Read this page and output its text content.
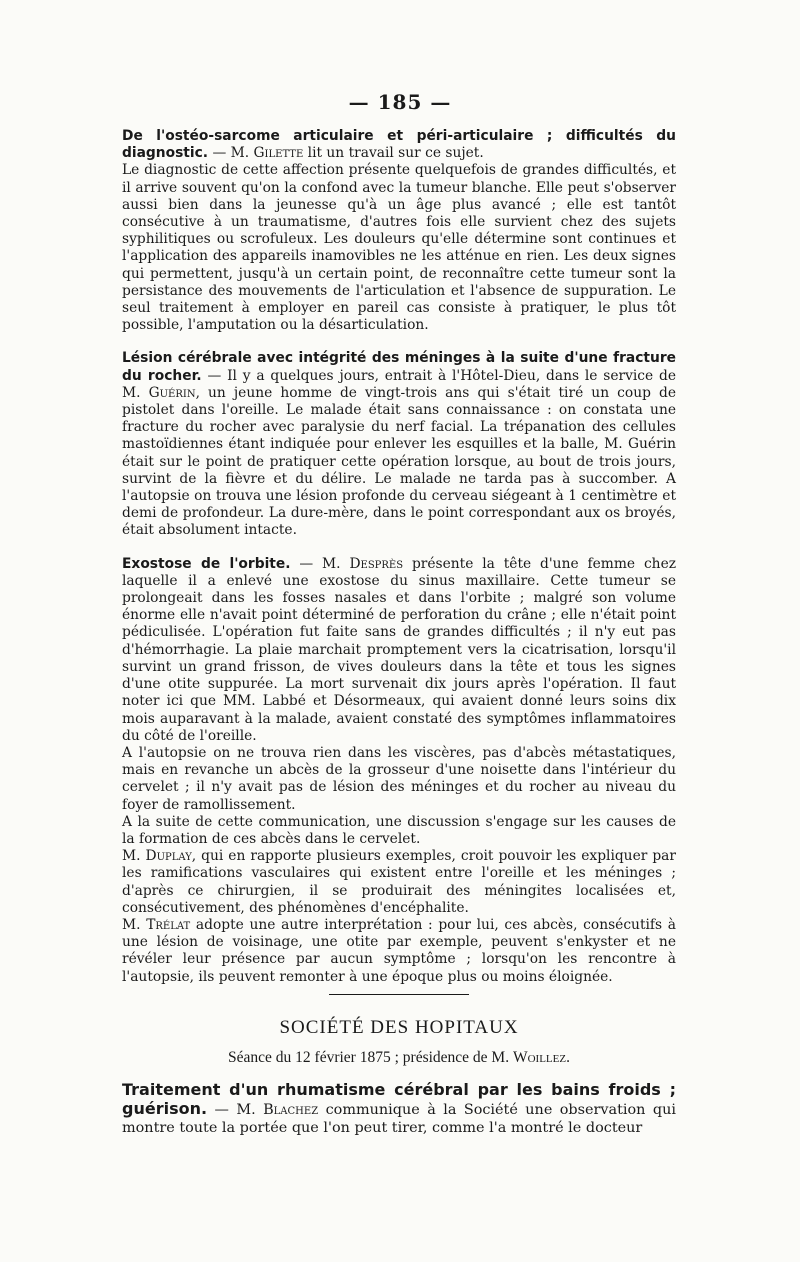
— 185 —

De l'ostéo-sarcome articulaire et péri-articulaire ; difficultés du diagnostic. — M. Gilette lit un travail sur ce sujet.

Le diagnostic de cette affection présente quelquefois de grandes difficultés, et il arrive souvent qu'on la confond avec la tumeur blanche. Elle peut s'observer aussi bien dans la jeunesse qu'à un âge plus avancé ; elle est tantôt consécutive à un traumatisme, d'autres fois elle survient chez des sujets syphilitiques ou scrofuleux. Les douleurs qu'elle détermine sont continues et l'application des appareils inamovibles ne les atténue en rien. Les deux signes qui permettent, jusqu'à un certain point, de reconnaître cette tumeur sont la persistance des mouvements de l'articulation et l'absence de suppuration. Le seul traitement à employer en pareil cas consiste à pratiquer, le plus tôt possible, l'amputation ou la désarticulation.

Lésion cérébrale avec intégrité des méninges à la suite d'une fracture du rocher. — Il y a quelques jours, entrait à l'Hôtel-Dieu, dans le service de M. Guérin, un jeune homme de vingt-trois ans qui s'était tiré un coup de pistolet dans l'oreille. Le malade était sans connaissance : on constata une fracture du rocher avec paralysie du nerf facial. La trépanation des cellules mastoïdiennes étant indiquée pour enlever les esquilles et la balle, M. Guérin était sur le point de pratiquer cette opération lorsque, au bout de trois jours, survint de la fièvre et du délire. Le malade ne tarda pas à succomber. A l'autopsie on trouva une lésion profonde du cerveau siégeant à 1 centimètre et demi de profondeur. La dure-mère, dans le point correspondant aux os broyés, était absolument intacte.

Exostose de l'orbite. — M. Desprès présente la tête d'une femme chez laquelle il a enlevé une exostose du sinus maxillaire. Cette tumeur se prolongeait dans les fosses nasales et dans l'orbite ; malgré son volume énorme elle n'avait point déterminé de perforation du crâne ; elle n'était point pédiculisée. L'opération fut faite sans de grandes difficultés ; il n'y eut pas d'hémorrhagie. La plaie marchait promptement vers la cicatrisation, lorsqu'il survint un grand frisson, de vives douleurs dans la tête et tous les signes d'une otite suppurée. La mort survenait dix jours après l'opération. Il faut noter ici que MM. Labbé et Désormeaux, qui avaient donné leurs soins dix mois auparavant à la malade, avaient constaté des symptômes inflammatoires du côté de l'oreille.

A l'autopsie on ne trouva rien dans les viscères, pas d'abcès métastatiques, mais en revanche un abcès de la grosseur d'une noisette dans l'intérieur du cervelet ; il n'y avait pas de lésion des méninges et du rocher au niveau du foyer de ramollissement.

A la suite de cette communication, une discussion s'engage sur les causes de la formation de ces abcès dans le cervelet.

M. Duplay, qui en rapporte plusieurs exemples, croit pouvoir les expliquer par les ramifications vasculaires qui existent entre l'oreille et les méninges ; d'après ce chirurgien, il se produirait des méningites localisées et, consécutivement, des phénomènes d'encéphalite.

M. Trélat adopte une autre interprétation : pour lui, ces abcès, consécutifs à une lésion de voisinage, une otite par exemple, peuvent s'enkyster et ne révéler leur présence par aucun symptôme ; lorsqu'on les rencontre à l'autopsie, ils peuvent remonter à une époque plus ou moins éloignée.

SOCIÉTÉ DES HOPITAUX
Séance du 12 février 1875 ; présidence de M. Woillez.

Traitement d'un rhumatisme cérébral par les bains froids ; guérison. — M. Blachez communique à la Société une observation qui montre toute la portée que l'on peut tirer, comme l'a montré le docteur
